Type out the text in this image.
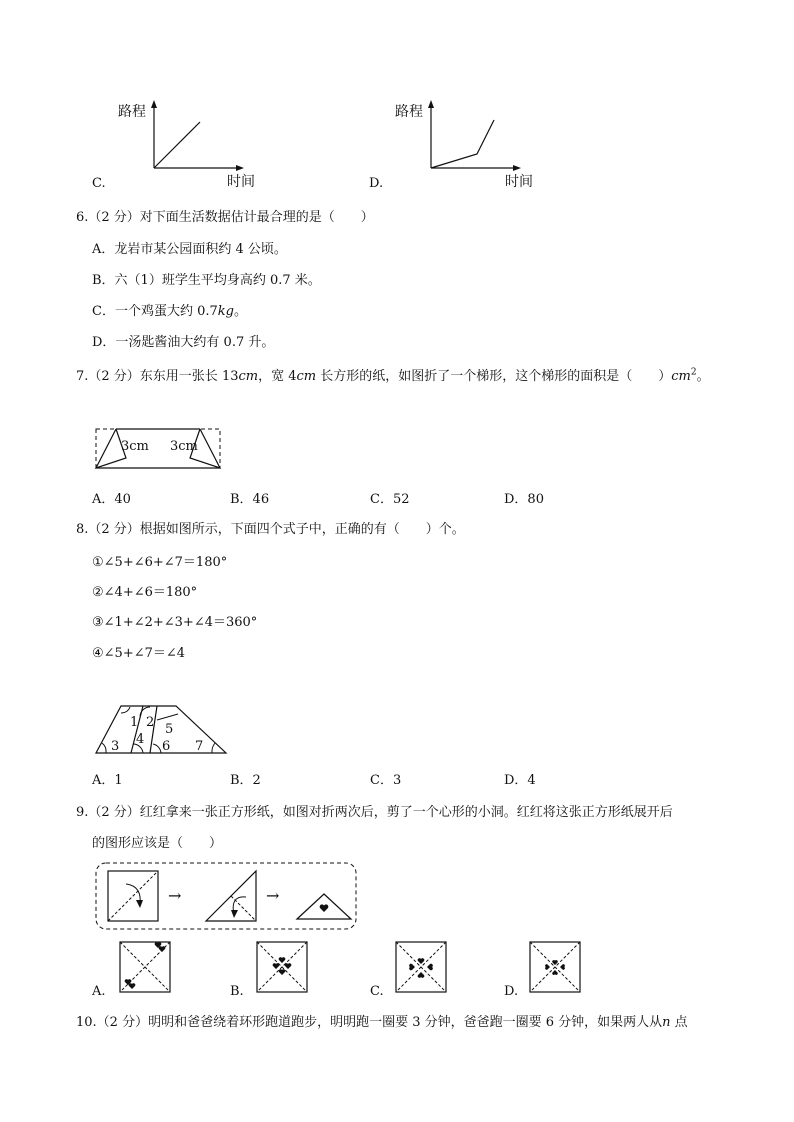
C.
路程
时间	D.
路程
时间
6.（2 分）对下面生活数据估计最合理的是（　　）
A．龙岩市某公园面积约 4 公顷。
B．六（1）班学生平均身高约 0.7 米。
C．一个鸡蛋大约 0.7kg。
D．一汤匙酱油大约有 0.7 升。
7.（2 分）东东用一张长 13cm，宽 4cm 长方形的纸，如图折了一个梯形，这个梯形的面积是（　　）$cm^2$。
3cm 3cm
A．40	B．46	C．52	D．80
8.（2 分）根据如图所示，下面四个式子中，正确的有（　　）个。
①∠5+∠6+∠7＝180°
②∠4+∠6＝180°
③∠1+∠2+∠3+∠4＝360°
④∠5+∠7＝∠4
1 2 5
4
3	6 7
A．1	B．2	C．3	D．4
9.（2 分）红红拿来一张正方形纸，如图对折两次后，剪了一个心形的小洞。红红将这张正方形纸展开后
的图形应该是（　　）
→	→
A.	B.	C.	D.
10.（2 分）明明和爸爸绕着环形跑道跑步，明明跑一圈要 3 分钟，爸爸跑一圈要 6 分钟，如果两人从n 点
